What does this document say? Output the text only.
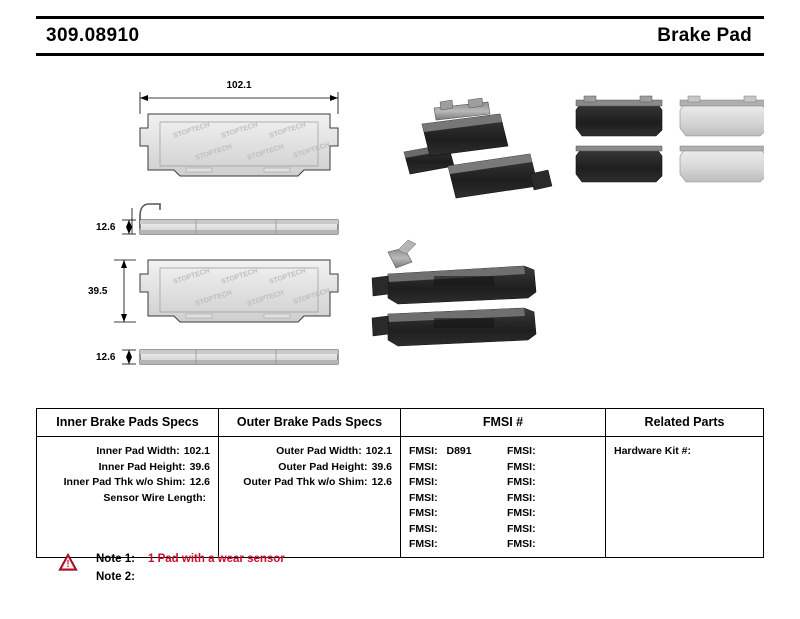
309.08910	Brake Pad
102.1
STOPTECH STOPTECH STOPTECH
STOPTECH STOPTECH STOPTECH
12.6
STOPTECH STOPTECH STOPTECH
STOPTECH STOPTECH STOPTECH
39.5
12.6
Inner Brake Pads Specs	Outer Brake Pads Specs	FMSI #	Related Parts
Inner Pad Width: 102.1
Inner Pad Height: 39.6
Inner Pad Thk w/o Shim: 12.6
Sensor Wire Length:
Outer Pad Width: 102.1
Outer Pad Height: 39.6
Outer Pad Thk w/o Shim: 12.6
FMSI: D891
FMSI:
FMSI:
FMSI:
FMSI:
FMSI:
FMSI:
FMSI:
FMSI:
FMSI:
FMSI:
FMSI:
FMSI:
FMSI:
Hardware Kit #:
Note 1:	1 Pad with a wear sensor
Note 2:
